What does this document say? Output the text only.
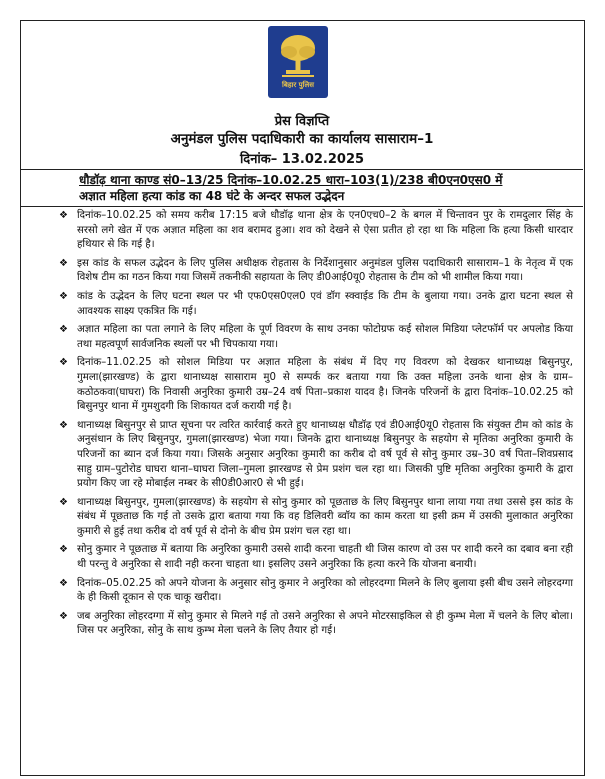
बिहार पुलिस
प्रेस विज्ञप्ति
अनुमंडल पुलिस पदाधिकारी का कार्यालय सासाराम–1
दिनांक– 13.02.2025
धौडॉढ़ थाना काण्ड सं0–13/25 दिनांक–10.02.25 धारा–103(1)/238 बी0एन0एस0 में
अज्ञात महिला हत्या कांड का 48 घंटे के अन्दर सफल उद्भेदन
❖ दिनांक–10.02.25 को समय करीब 17:15 बजे धौडॉढ़ थाना क्षेत्र के एन0एच0–2 के बगल में चिन्तावन पुर के रामदुलार सिंह के सरसो लगे खेत में एक अज्ञात महिला का शव बरामद हुआ। शव को देखने से ऐसा प्रतीत हो रहा था कि महिला कि हत्या किसी धारदार हथियार से कि गई है।
❖ इस कांड के सफल उद्भेदन के लिए पुलिस अधीक्षक रोहतास के निर्देशानुसार अनुमंडल पुलिस पदाधिकारी सासाराम–1 के नेतृत्व में एक विशेष टीम का गठन किया गया जिसमें तकनीकी सहायता के लिए डी0आई0यू0 रोहतास के टीम को भी शामील किया गया।
❖ कांड के उद्भेदन के लिए घटना स्थल पर भी एफ0एस0एल0 एवं डॉग स्क्वाईड कि टीम के बुलाया गया। उनके द्वारा घटना स्थल से आवश्यक साक्ष्य एकत्रित कि गई।
❖ अज्ञात महिला का पता लगाने के लिए महिला के पूर्ण विवरण के साथ उनका फोटोग्रफ कई सोशल मिडिया प्लेटफॉर्म पर अपलोड किया तथा महत्वपूर्ण सार्वजनिक स्थलों पर भी चिपकाया गया।
❖ दिनांक–11.02.25 को सोशल मिडिया पर अज्ञात महिला के संबंध में दिए गए विवरण को देखकर थानाध्यक्ष बिसुनपुर, गुमला(झारखण्ड) के द्वारा थानाध्यक्ष सासाराम मु0 से सम्पर्क कर बताया गया कि उक्त महिला उनके थाना क्षेत्र के ग्राम–कठोठकवा(घाघरा) कि निवासी अनुरिका कुमारी उम्र–24 वर्ष पिता–प्रकाश यादव है। जिनके परिजनों के द्वारा दिनांक–10.02.25 को बिसुनपुर थाना में गुमशुदगी कि शिकायत दर्ज करायी गई है।
❖ थानाध्यक्ष बिसुनपुर से प्राप्त सूचना पर त्वरित कार्रवाई करते हुए थानाध्यक्ष धौडॉढ़ एवं डी0आई0यू0 रोहतास कि संयुक्त टीम को कांड के अनुसंधान के लिए बिसुनपुर, गुमला(झारखण्ड) भेजा गया। जिनके द्वारा थानाध्यक्ष बिसुनपुर के सहयोग से मृतिका अनुरिका कुमारी के परिजनों का ब्यान दर्ज किया गया। जिसके अनुसार अनुरिका कुमारी का करीब दो वर्ष पूर्व से सोनु कुमार उम्र–30 वर्ष पिता–शिवप्रसाद साहु ग्राम–पुटोरोड घाघरा थाना–घाघरा जिला–गुमला झारखण्ड से प्रेम प्रशंग चल रहा था। जिसकी पुष्टि मृतिका अनुरिका कुमारी के द्वारा प्रयोग किए जा रहे मोबाईल नम्बर के सी0डी0आर0 से भी हुई।
❖ थानाध्यक्ष बिसुनपुर, गुमला(झारखण्ड) के सहयोग से सोनु कुमार को पूछताछ के लिए बिसुनपुर थाना लाया गया तथा उससे इस कांड के संबंध में पूछताछ कि गई तो उसके द्वारा बताया गया कि वह डिलिवरी ब्वॉय का काम करता था इसी क्रम में उसकी मुलाकात अनुरिका कुमारी से हुई तथा करीब दो वर्ष पूर्व से दोनो के बीच प्रेम प्रशंग चल रहा था।
❖ सोनु कुमार ने पूछताछ में बताया कि अनुरिका कुमारी उससे शादी करना चाहती थी जिस कारण वो उस पर शादी करने का दबाव बना रही थी परन्तु वे अनुरिका से शादी नही करना चाहता था। इसलिए उसने अनुरिका कि हत्या करने कि योजना बनायी।
❖ दिनांक–05.02.25 को अपने योजना के अनुसार सोनु कुमार ने अनुरिका को लोहरदग्गा मिलने के लिए बुलाया इसी बीच उसने लोहरदग्गा के ही किसी दूकान से एक चाकू खरीदा।
❖ जब अनुरिका लोहरदग्गा में सोनु कुमार से मिलने गई तो उसने अनुरिका से अपने मोटरसाइकिल से ही कुम्भ मेला में चलने के लिए बोला। जिस पर अनुरिका, सोनु के साथ कुम्भ मेला चलने के लिए तैयार हो गई।
